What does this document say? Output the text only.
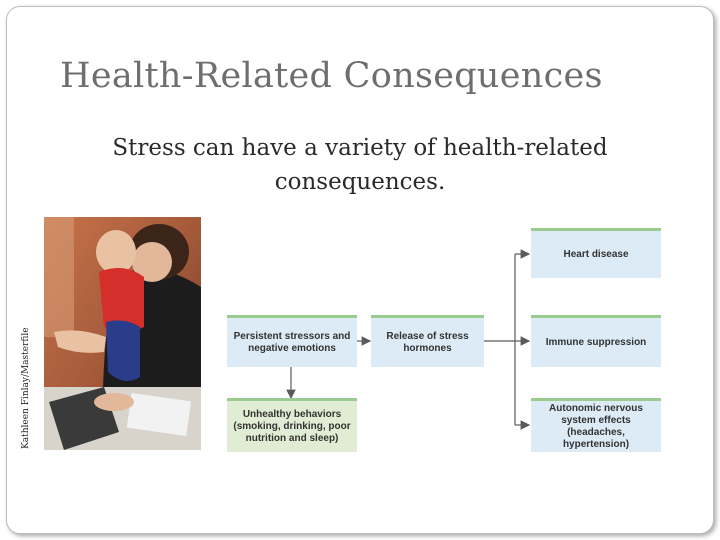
Health-Related Consequences
Stress can have a variety of health-related consequences.
Kathleen Finlay/Masterfile	Persistent stressors and negative emotions
Unhealthy behaviors (smoking, drinking, poor nutrition and sleep)
Release of stress hormones
Heart disease
Immune suppression
Autonomic nervous system effects (headaches, hypertension)
